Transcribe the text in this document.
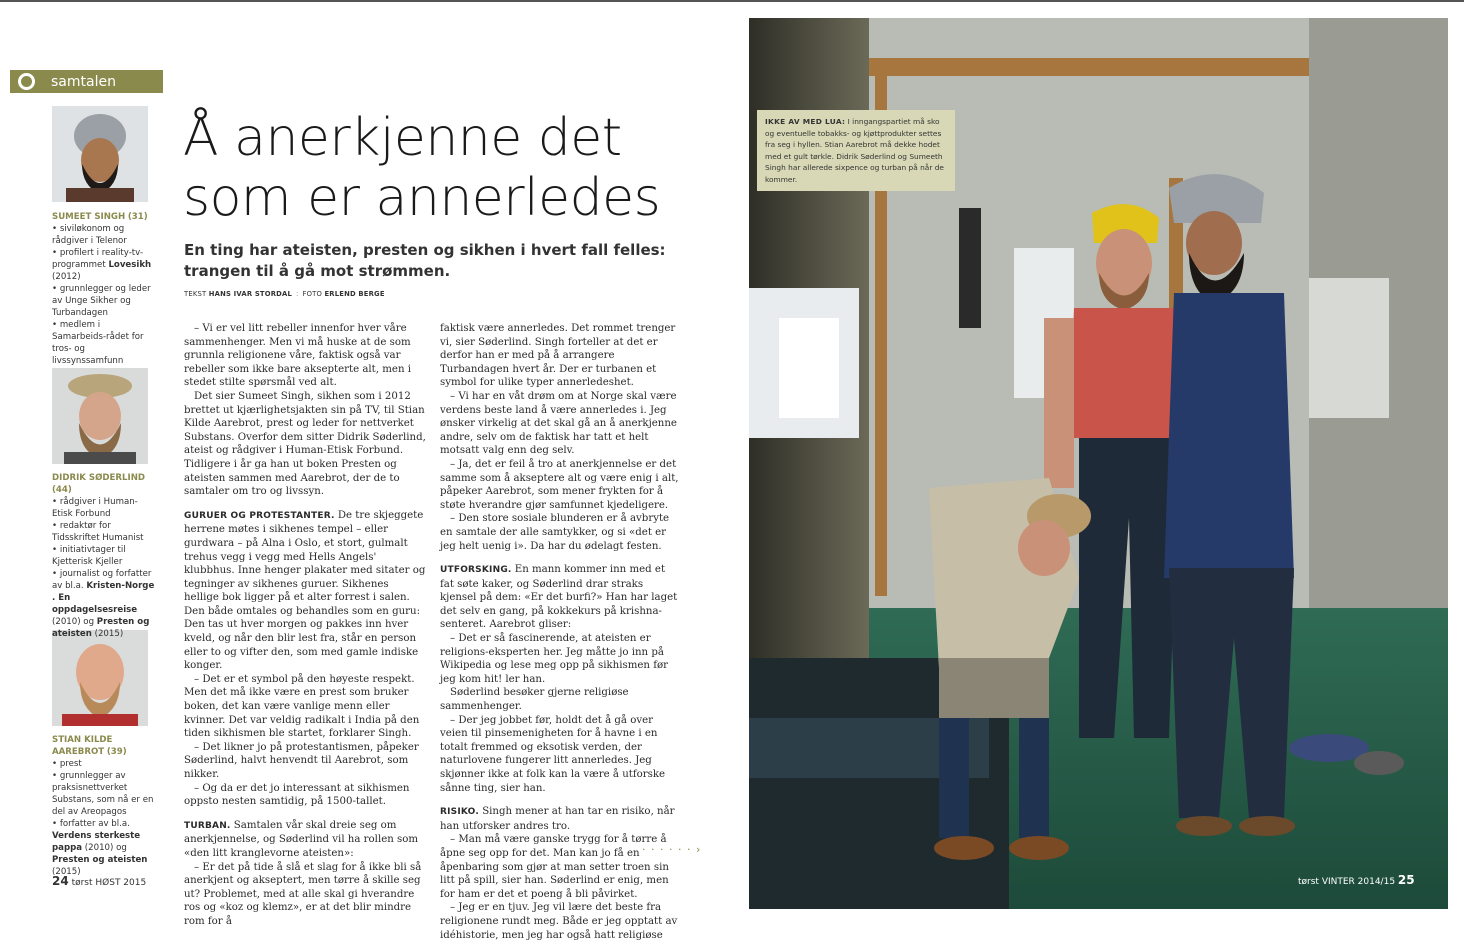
samtalen
SUMEET SINGH (31)
• siviløkonom og rådgiver i Telenor
• profilert i reality-tv-programmet Lovesikh (2012)
• grunnlegger og leder av Unge Sikher og Turbandagen
• medlem i Samarbeids-rådet for tros- og livssynssamfunn
DIDRIK SØDERLIND (44)
• rådgiver i Human-Etisk Forbund
• redaktør for Tidsskriftet Humanist
• initiativtager til Kjetterisk Kjeller
• journalist og forfatter av bl.a. Kristen-Norge . En oppdagelsesreise (2010) og Presten og ateisten (2015)
STIAN KILDE AAREBROT (39)
• prest
• grunnlegger av praksisnettverket Substans, som nå er en del av Areopagos
• forfatter av bl.a. Verdens sterkeste pappa (2010) og Presten og ateisten (2015)
Å anerkjenne det
som er annerledes
En ting har ateisten, presten og sikhen i hvert fall felles: trangen til å gå mot strømmen.
TEKST HANS IVAR STORDAL : FOTO ERLEND BERGE

– Vi er vel litt rebeller innenfor hver våre sammenhenger. Men vi må huske at de som grunnla religionene våre, faktisk også var rebeller som ikke bare aksepterte alt, men i stedet stilte spørsmål ved alt.

Det sier Sumeet Singh, sikhen som i 2012 brettet ut kjærlighetsjakten sin på TV, til Stian Kilde Aarebrot, prest og leder for nettverket Substans. Overfor dem sitter Didrik Søderlind, ateist og rådgiver i Human-Etisk Forbund. Tidligere i år ga han ut boken Presten og ateisten sammen med Aarebrot, der de to samtaler om tro og livssyn.

GURUER OG PROTESTANTER. De tre skjeggete herrene møtes i sikhenes tempel – eller gurdwara – på Alna i Oslo, et stort, gulmalt trehus vegg i vegg med Hells Angels' klubbhus. Inne henger plakater med sitater og tegninger av sikhenes guruer. Sikhenes hellige bok ligger på et alter forrest i salen. Den både omtales og behandles som en guru: Den tas ut hver morgen og pakkes inn hver kveld, og når den blir lest fra, står en person eller to og vifter den, som med gamle indiske konger.

– Det er et symbol på den høyeste respekt. Men det må ikke være en prest som bruker boken, det kan være vanlige menn eller kvinner. Det var veldig radikalt i India på den tiden sikhismen ble startet, forklarer Singh.

– Det likner jo på protestantismen, påpeker Søderlind, halvt henvendt til Aarebrot, som nikker.

– Og da er det jo interessant at sikhismen oppsto nesten samtidig, på 1500-tallet.

TURBAN. Samtalen vår skal dreie seg om anerkjennelse, og Søderlind vil ha rollen som «den litt kranglevorne ateisten»:

– Er det på tide å slå et slag for å ikke bli så anerkjent og akseptert, men tørre å skille seg ut? Problemet, med at alle skal gi hverandre ros og «koz og klemz», er at det blir mindre rom for å

faktisk være annerledes. Det rommet trenger vi, sier Søderlind. Singh forteller at det er derfor han er med på å arrangere Turbandagen hvert år. Der er turbanen et symbol for ulike typer annerledeshet.

– Vi har en våt drøm om at Norge skal være verdens beste land å være annerledes i. Jeg ønsker virkelig at det skal gå an å anerkjenne andre, selv om de faktisk har tatt et helt motsatt valg enn deg selv.

– Ja, det er feil å tro at anerkjennelse er det samme som å akseptere alt og være enig i alt, påpeker Aarebrot, som mener frykten for å støte hverandre gjør samfunnet kjedeligere.

– Den store sosiale blunderen er å avbryte en samtale der alle samtykker, og si «det er jeg helt uenig i». Da har du ødelagt festen.

UTFORSKING. En mann kommer inn med et fat søte kaker, og Søderlind drar straks kjensel på dem: «Er det burfi?» Han har laget det selv en gang, på kokkekurs på krishna-senteret. Aarebrot gliser:

– Det er så fascinerende, at ateisten er religions-eksperten her. Jeg måtte jo inn på Wikipedia og lese meg opp på sikhismen før jeg kom hit! ler han.

Søderlind besøker gjerne religiøse sammenhenger.

– Der jeg jobbet før, holdt det å gå over veien til pinsemenigheten for å havne i en totalt fremmed og eksotisk verden, der naturlovene fungerer litt annerledes. Jeg skjønner ikke at folk kan la være å utforske sånne ting, sier han.

RISIKO. Singh mener at han tar en risiko, når han utforsker andres tro.

– Man må være ganske trygg for å tørre å åpne seg opp for det. Man kan jo få en åpenbaring som gjør at man setter troen sin litt på spill, sier han. Søderlind er enig, men for ham er det et poeng å bli påvirket.

– Jeg er en tjuv. Jeg vil lære det beste fra religionene rundt meg. Både er jeg opptatt av idéhistorie, men jeg har også hatt religiøse

· · · · · · ›
24 tørst HØST 2015
IKKE AV MED LUA: I inngangspartiet må sko og eventuelle tobakks- og kjøttprodukter settes fra seg i hyllen. Stian Aarebrot må dekke hodet med et gult tørkle. Didrik Søderlind og Sumeeth Singh har allerede sixpence og turban på når de kommer.
tørst VINTER 2014/15 25
